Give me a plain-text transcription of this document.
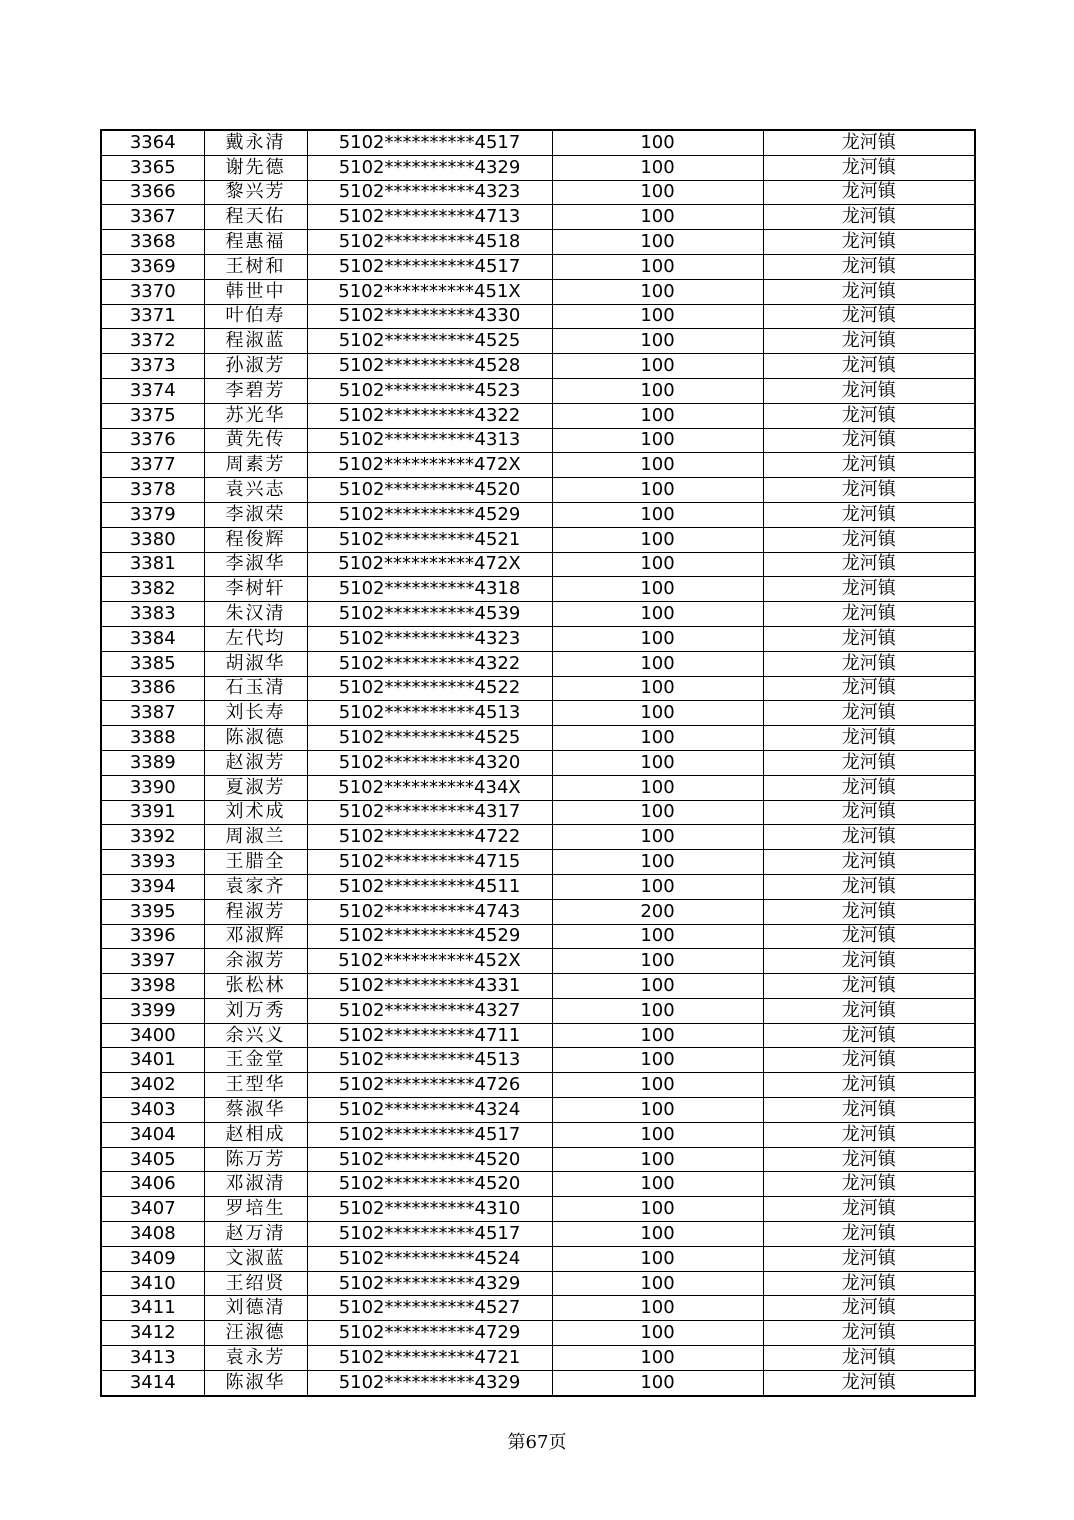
3364	戴永清	5102**********4517	100	龙河镇
3365	谢先德	5102**********4329	100	龙河镇
3366	黎兴芳	5102**********4323	100	龙河镇
3367	程天佑	5102**********4713	100	龙河镇
3368	程惠福	5102**********4518	100	龙河镇
3369	王树和	5102**********4517	100	龙河镇
3370	韩世中	5102**********451X	100	龙河镇
3371	叶伯寿	5102**********4330	100	龙河镇
3372	程淑蓝	5102**********4525	100	龙河镇
3373	孙淑芳	5102**********4528	100	龙河镇
3374	李碧芳	5102**********4523	100	龙河镇
3375	苏光华	5102**********4322	100	龙河镇
3376	黄先传	5102**********4313	100	龙河镇
3377	周素芳	5102**********472X	100	龙河镇
3378	袁兴志	5102**********4520	100	龙河镇
3379	李淑荣	5102**********4529	100	龙河镇
3380	程俊辉	5102**********4521	100	龙河镇
3381	李淑华	5102**********472X	100	龙河镇
3382	李树轩	5102**********4318	100	龙河镇
3383	朱汉清	5102**********4539	100	龙河镇
3384	左代均	5102**********4323	100	龙河镇
3385	胡淑华	5102**********4322	100	龙河镇
3386	石玉清	5102**********4522	100	龙河镇
3387	刘长寿	5102**********4513	100	龙河镇
3388	陈淑德	5102**********4525	100	龙河镇
3389	赵淑芳	5102**********4320	100	龙河镇
3390	夏淑芳	5102**********434X	100	龙河镇
3391	刘术成	5102**********4317	100	龙河镇
3392	周淑兰	5102**********4722	100	龙河镇
3393	王腊全	5102**********4715	100	龙河镇
3394	袁家齐	5102**********4511	100	龙河镇
3395	程淑芳	5102**********4743	200	龙河镇
3396	邓淑辉	5102**********4529	100	龙河镇
3397	余淑芳	5102**********452X	100	龙河镇
3398	张松林	5102**********4331	100	龙河镇
3399	刘万秀	5102**********4327	100	龙河镇
3400	余兴义	5102**********4711	100	龙河镇
3401	王金堂	5102**********4513	100	龙河镇
3402	王型华	5102**********4726	100	龙河镇
3403	蔡淑华	5102**********4324	100	龙河镇
3404	赵相成	5102**********4517	100	龙河镇
3405	陈万芳	5102**********4520	100	龙河镇
3406	邓淑清	5102**********4520	100	龙河镇
3407	罗培生	5102**********4310	100	龙河镇
3408	赵万清	5102**********4517	100	龙河镇
3409	文淑蓝	5102**********4524	100	龙河镇
3410	王绍贤	5102**********4329	100	龙河镇
3411	刘德清	5102**********4527	100	龙河镇
3412	汪淑德	5102**********4729	100	龙河镇
3413	袁永芳	5102**********4721	100	龙河镇
3414	陈淑华	5102**********4329	100	龙河镇
第67页
